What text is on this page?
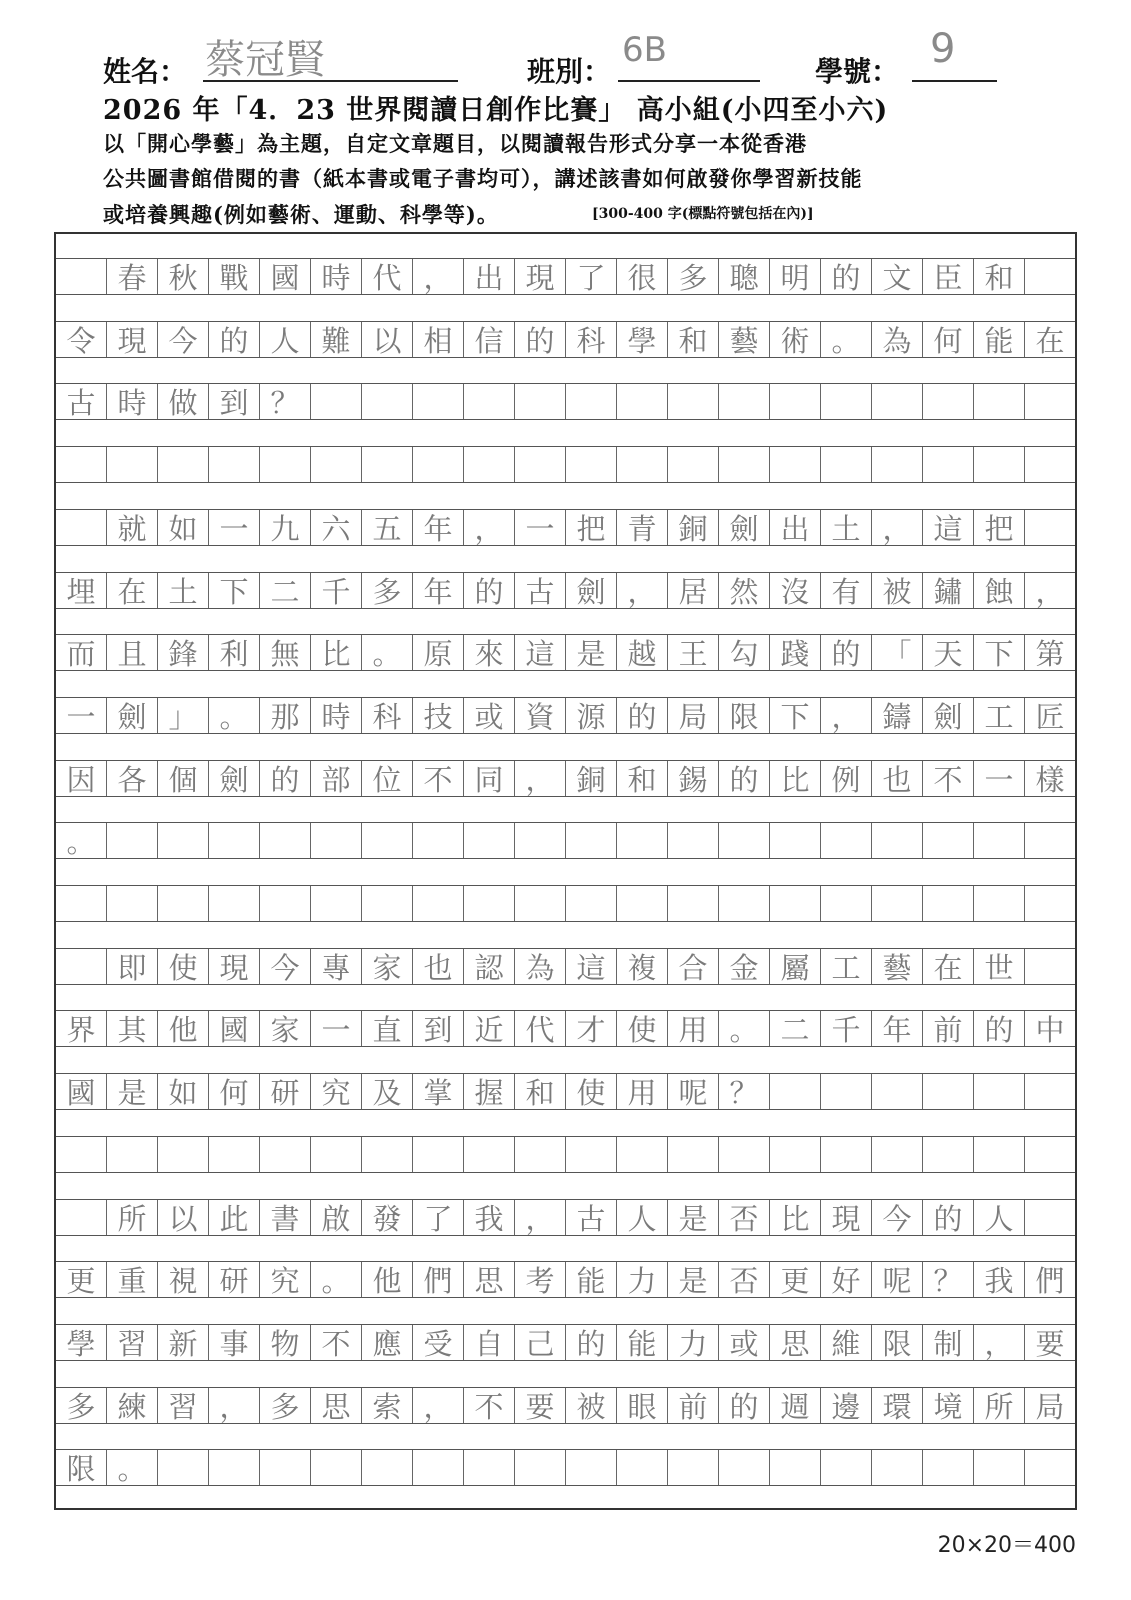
姓名： 蔡冠賢	班別：
6B
學號： 9
2026 年「4．23 世界閱讀日創作比賽」 高小組(小四至小六)
以「開心學藝」為主題，自定文章題目，以閱讀報告形式分享一本從香港
公共圖書館借閱的書（紙本書或電子書均可），講述該書如何啟發你學習新技能
或培養興趣(例如藝術、運動、科學等)。	[300-400 字(標點符號包括在內)]

春 秋 戰 國 時 代 ， 出 現 了 很 多 聰 明 的 文 臣 和
令 現 今 的 人 難 以 相 信 的 科 學 和 藝 術 。 為 何 能 在
古 時 做 到 ？

就 如 一 九 六 五 年 ， 一 把 青 銅 劍 出 土 ， 這 把
埋 在 土 下 二 千 多 年 的 古 劍 ， 居 然 沒 有 被 鏽 蝕 ，
而 且 鋒 利 無 比 。 原 來 這 是 越 王 勾 踐 的 「 天 下 第
一 劍 」 。 那 時 科 技 或 資 源 的 局 限 下 ， 鑄 劍 工 匠
因 各 個 劍 的 部 位 不 同 ， 銅 和 錫 的 比 例 也 不 一 樣
。

即 使 現 今 專 家 也 認 為 這 複 合 金 屬 工 藝 在 世
界 其 他 國 家 一 直 到 近 代 才 使 用 。 二 千 年 前 的 中
國 是 如 何 研 究 及 掌 握 和 使 用 呢 ？

所 以 此 書 啟 發 了 我 ， 古 人 是 否 比 現 今 的 人
更 重 視 研 究 。 他 們 思 考 能 力 是 否 更 好 呢 ？ 我 們
學 習 新 事 物 不 應 受 自 己 的 能 力 或 思 維 限 制 ， 要
多 練 習 ， 多 思 索 ， 不 要 被 眼 前 的 週 邊 環 境 所 局
限 。
20×20＝400
